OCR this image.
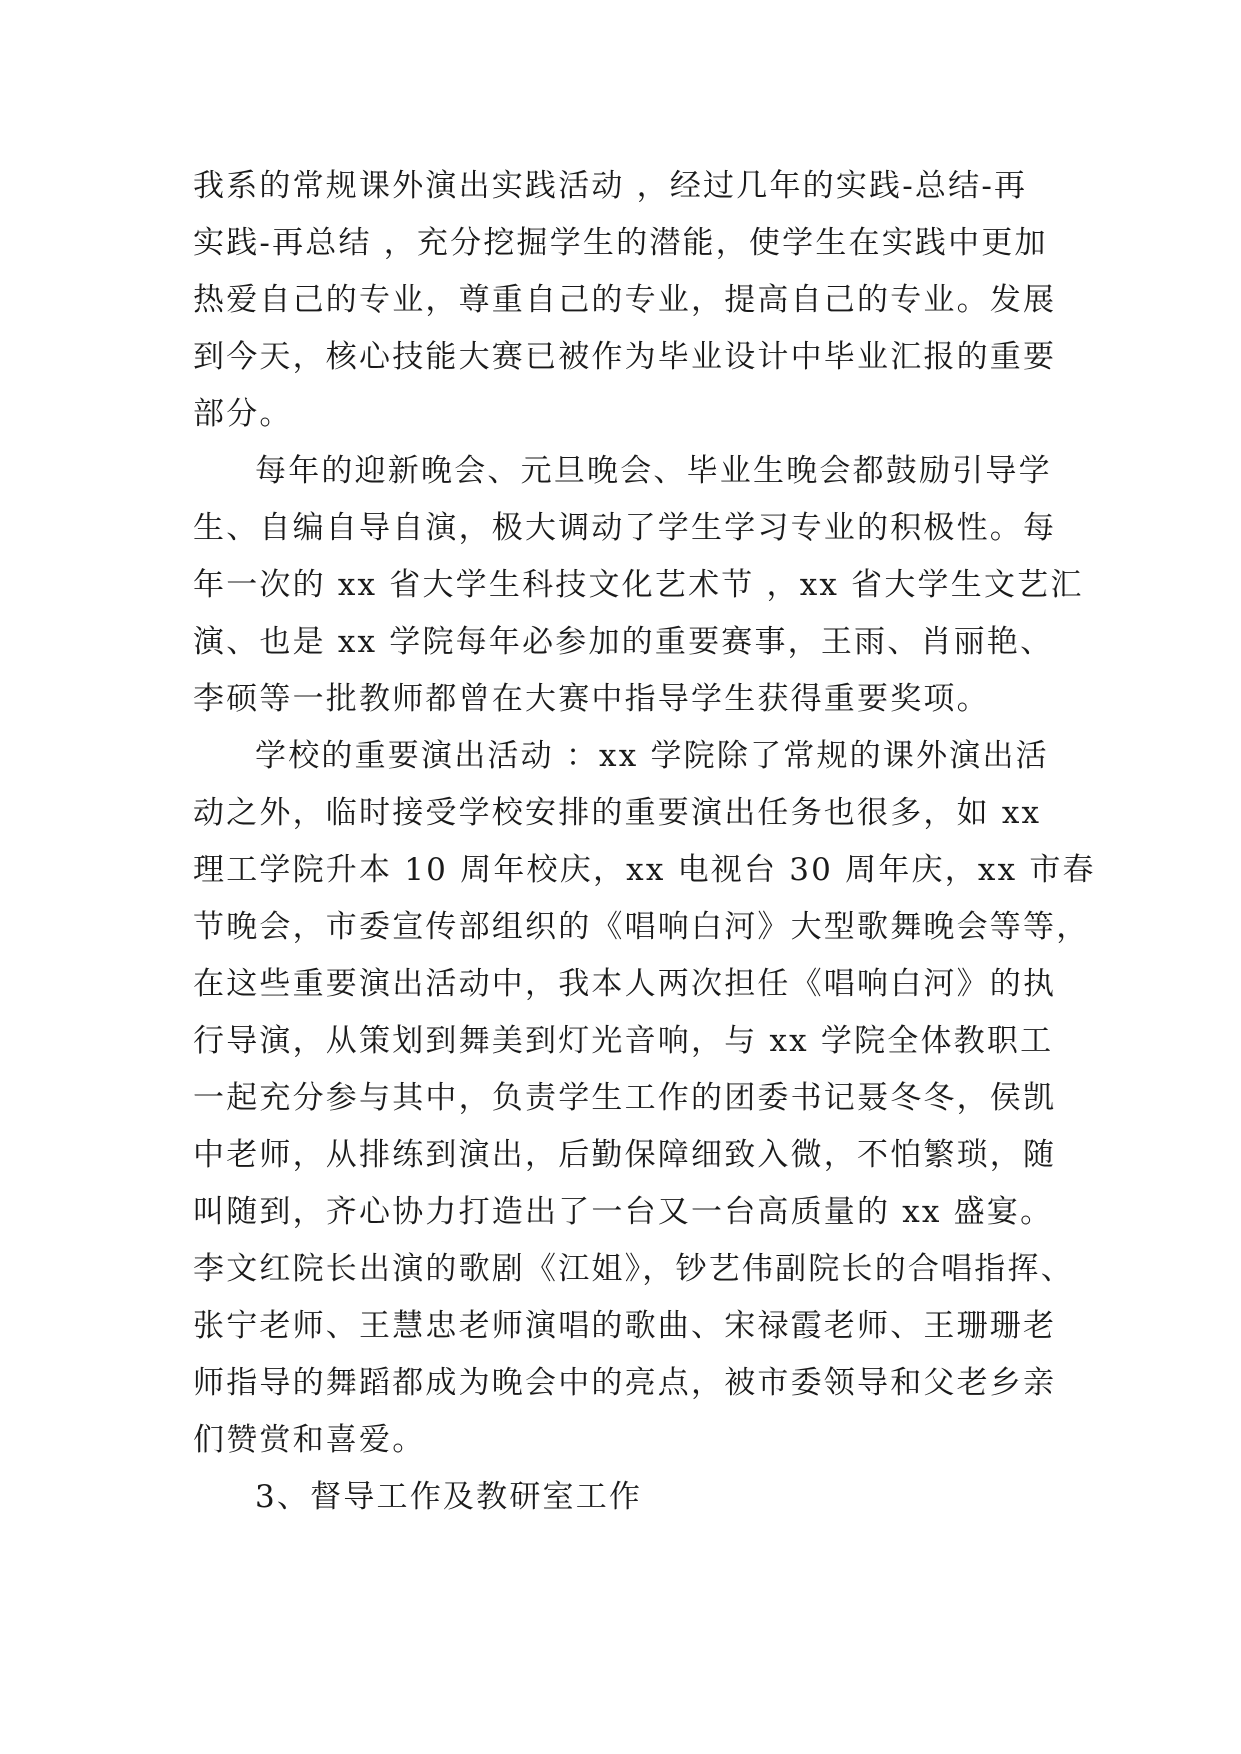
我系的常规课外演出实践活动 ，经过几年的实践-总结-再
实践-再总结 ，充分挖掘学生的潜能，使学生在实践中更加
热爱自己的专业，尊重自己的专业，提高自己的专业。发展
到今天，核心技能大赛已被作为毕业设计中毕业汇报的重要
部分。
每年的迎新晚会、元旦晚会、毕业生晚会都鼓励引导学
生、自编自导自演，极大调动了学生学习专业的积极性。每
年一次的 xx 省大学生科技文化艺术节 ，xx 省大学生文艺汇
演、也是 xx 学院每年必参加的重要赛事，王雨、肖丽艳、
李硕等一批教师都曾在大赛中指导学生获得重要奖项。
学校的重要演出活动 ：xx 学院除了常规的课外演出活
动之外，临时接受学校安排的重要演出任务也很多，如 xx
理工学院升本 10 周年校庆，xx 电视台 30 周年庆，xx 市春
节晚会，市委宣传部组织的《唱响白河》大型歌舞晚会等等，
在这些重要演出活动中，我本人两次担任《唱响白河》的执
行导演，从策划到舞美到灯光音响，与 xx 学院全体教职工
一起充分参与其中，负责学生工作的团委书记聂冬冬，侯凯
中老师，从排练到演出，后勤保障细致入微，不怕繁琐，随
叫随到，齐心协力打造出了一台又一台高质量的 xx 盛宴。
李文红院长出演的歌剧《江姐》，钞艺伟副院长的合唱指挥、
张宁老师、王慧忠老师演唱的歌曲、宋禄霞老师、王珊珊老
师指导的舞蹈都成为晚会中的亮点，被市委领导和父老乡亲
们赞赏和喜爱。
3、督导工作及教研室工作
